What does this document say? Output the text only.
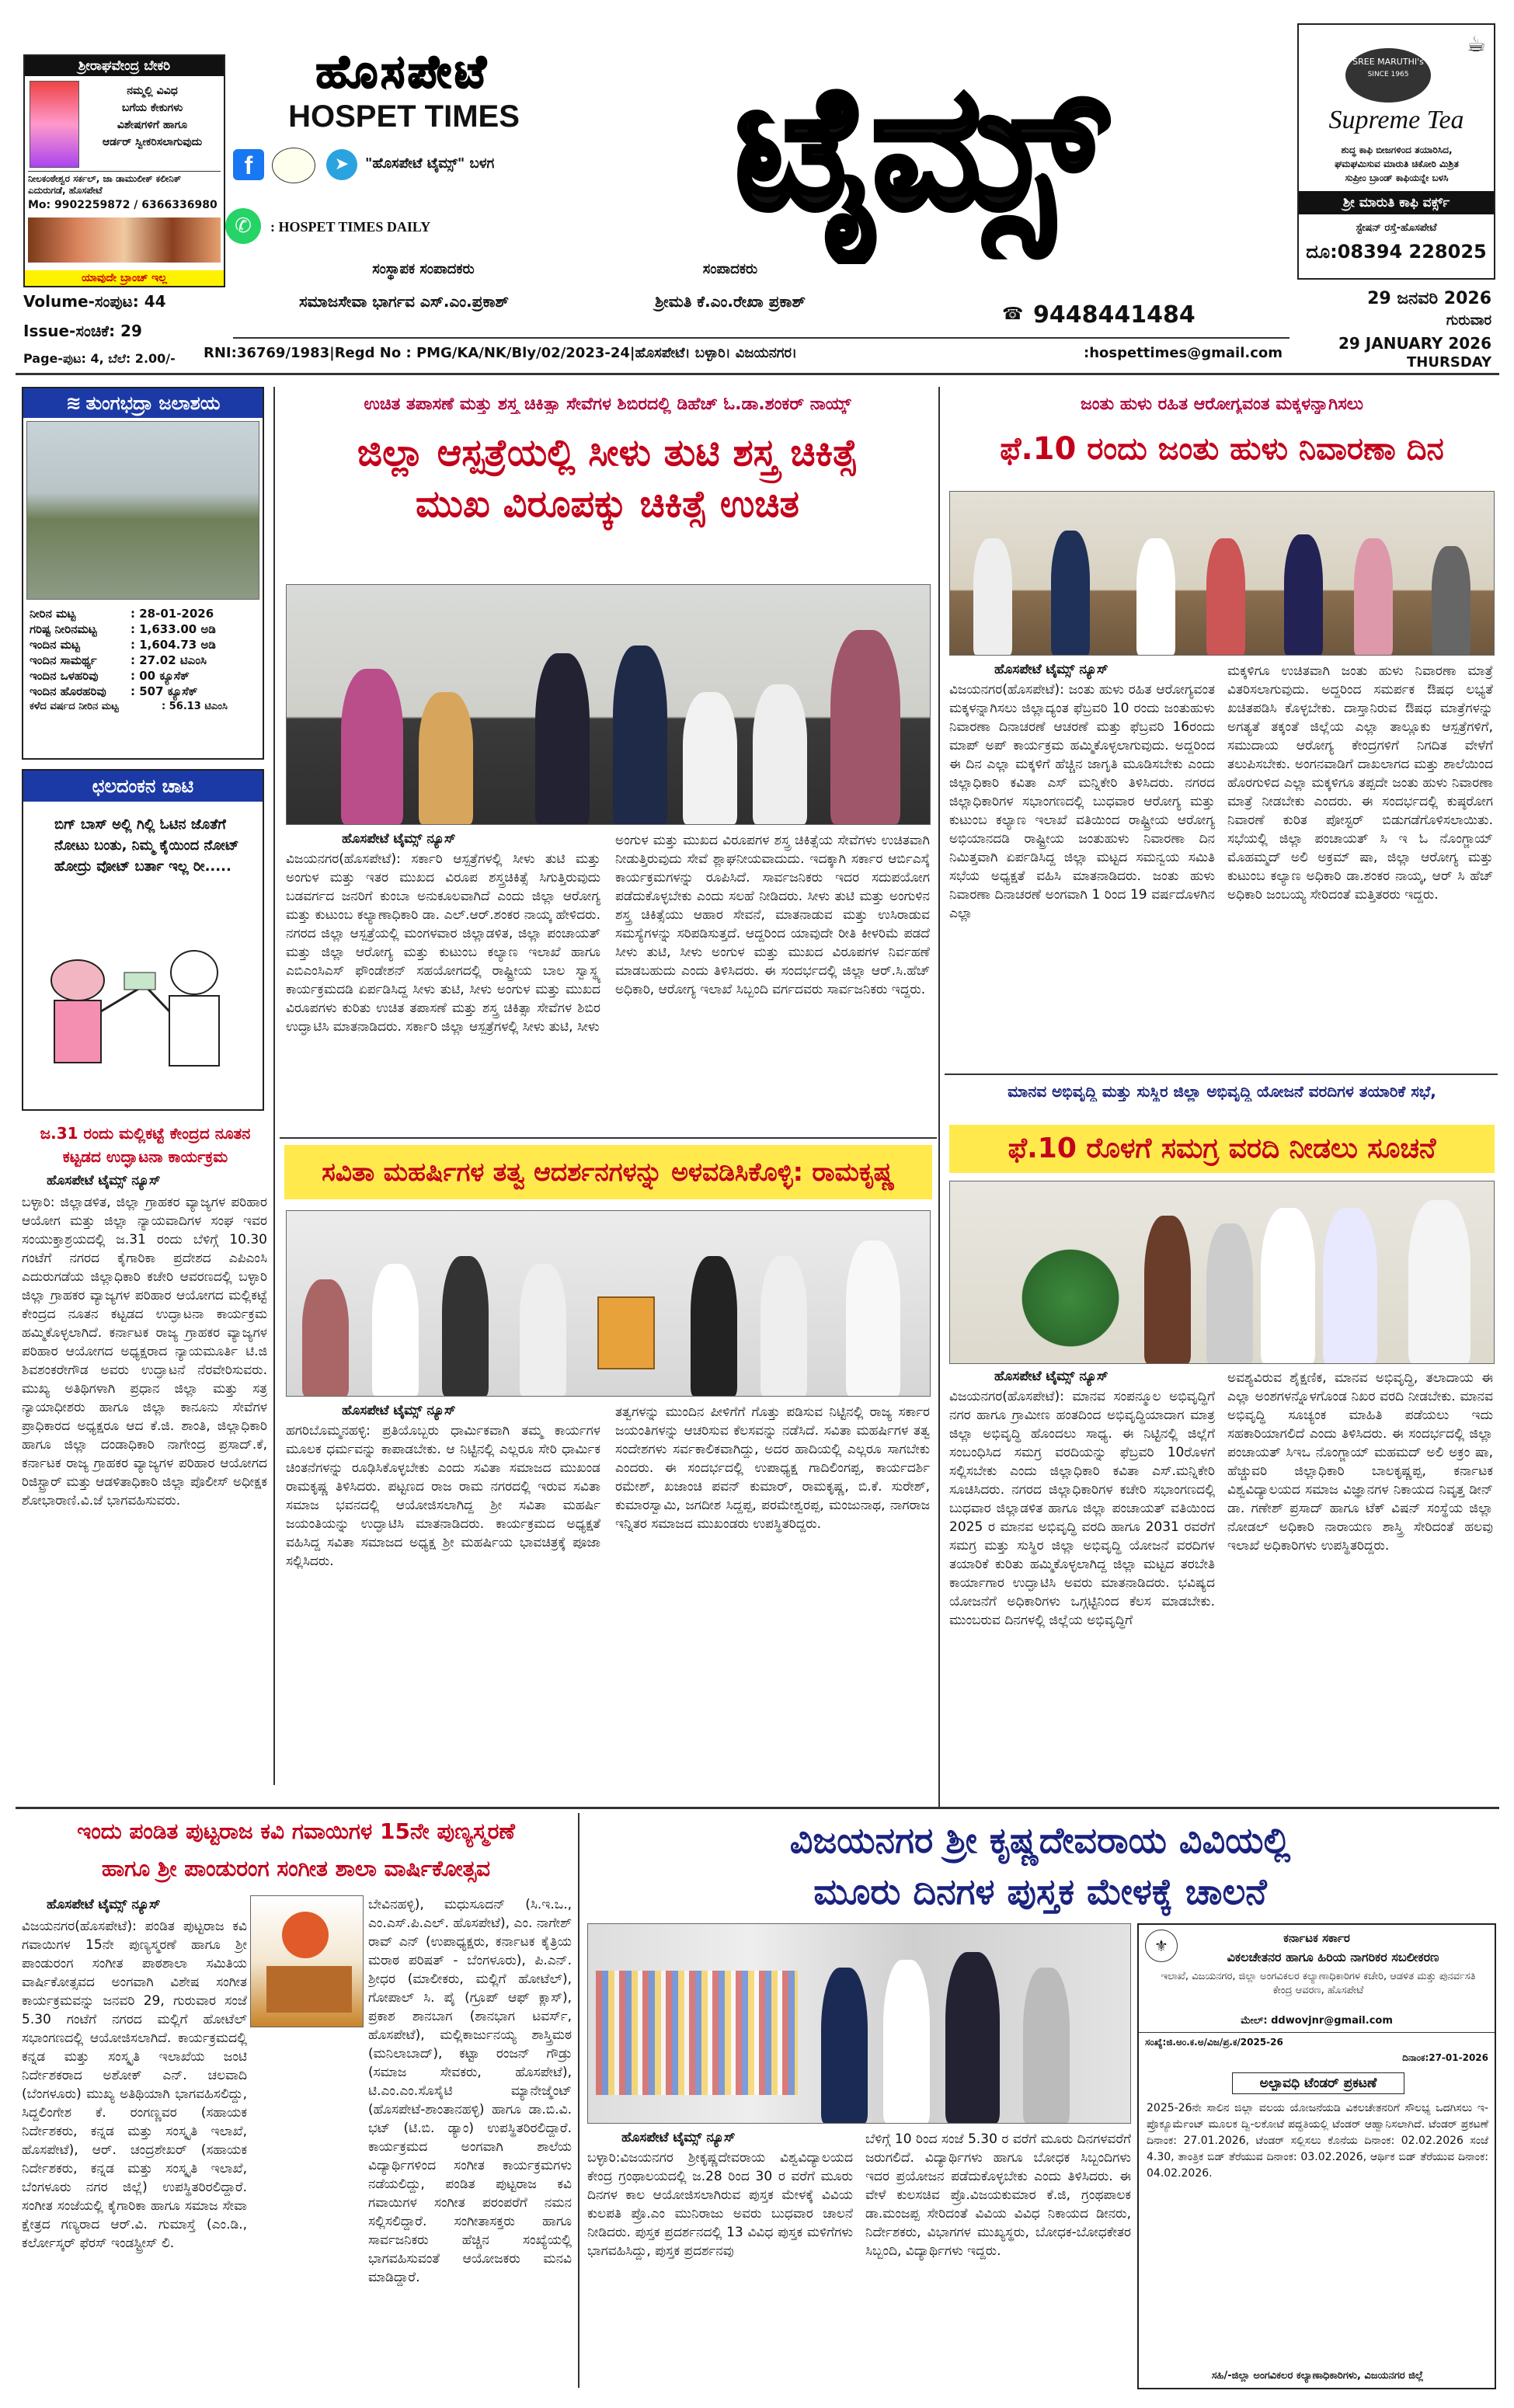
ಶ್ರೀರಾಘವೇಂದ್ರ ಬೇಕರಿ
ನಮ್ಮಲ್ಲಿ ವಿವಿಧ
ಬಗೆಯ ಕೇಕುಗಳು
ವಿಶೇಷಗಳಿಗೆ ಹಾಗೂ
ಆರ್ಡರ್ ಸ್ವೀಕರಿಸಲಾಗುವುದು
ನೀಲಕಂಠೇಶ್ವರ ಸರ್ಕಲ್, ಜಾ ಡಾಮುಲೀಕ್ ಕಲೀನಿಕ್ ಎದುರುಗಡೆ, ಹೊಸಪೇಟೆ
Mo: 9902259872 / 6366336980
ಯಾವುದೇ ಬ್ರಾಂಚ್ ಇಲ್ಲ
ಹೊಸಪೇಟೆ
HOSPET TIMES	ಟೈಮ್ಸ್
f	➤	"ಹೊಸಪೇಟೆ ಟೈಮ್ಸ್" ಬಳಗ
✆	: HOSPET TIMES DAILY
ಸಂಸ್ಥಾಪಕ ಸಂಪಾದಕರು	ಸಂಪಾದಕರು
Volume-ಸಂಪುಟ: 44
Issue-ಸಂಚಿಕೆ: 29
Page-ಪುಟ: 4, ಬೆಲೆ: 2.00/-
ಸಮಾಜಸೇವಾ ಭಾರ್ಗವ ಎಸ್.ಎಂ.ಪ್ರಕಾಶ್	ಶ್ರೀಮತಿ ಕೆ.ಎಂ.ರೇಖಾ ಪ್ರಕಾಶ್
☎ 9448441484
RNI:36769/1983|Regd No : PMG/KA/NK/Bly/02/2023-24|ಹೊಸಪೇಟೆ। ಬಳ್ಳಾರಿ। ವಿಜಯನಗರ।	:hospettimes@gmail.com
29 ಜನವರಿ 2026
ಗುರುವಾರ
29 JANUARY 2026
THURSDAY
☕
SREE MARUTHI's
SINCE 1965
Supreme Tea
ಶುದ್ಧ ಕಾಫಿ ಬೀಜಗಳಿಂದ ತಯಾರಿಸಿದ,
ಘಮಘಮಿಸುವ ಮಾರುತಿ ಚಿಕೋರಿ ಮಿಶ್ರಿತ
ಸುಪ್ರೀಂ ಬ್ರಾಂಡ್ ಕಾಫಿಯನ್ನೇ ಬಳಸಿ
ಶ್ರೀ ಮಾರುತಿ ಕಾಫಿ ವರ್ಕ್ಸ್
ಸ್ಟೇಷನ್ ರಸ್ತೆ-ಹೊಸಪೇಟೆ
ದೂ:08394 228025
≋ ತುಂಗಭದ್ರಾ ಜಲಾಶಯ
ನೀರಿನ ಮಟ್ಟ	: 28-01-2026
ಗರಿಷ್ಟ ನೀರಿನಮಟ್ಟ	: 1,633.00 ಅಡಿ
ಇಂದಿನ ಮಟ್ಟ	: 1,604.73 ಅಡಿ
ಇಂದಿನ ಸಾಮರ್ಥ್ಯ	: 27.02 ಟಿಎಂಸಿ
ಇಂದಿನ ಒಳಹರಿವು	: 00 ಕ್ಯೂಸೆಕ್
ಇಂದಿನ ಹೊರಹರಿವು	: 507 ಕ್ಯೂಸೆಕ್
ಕಳೆದ ವರ್ಷದ ನೀರಿನ ಮಟ್ಟ	: 56.13 ಟಿಎಂಸಿ
ಛಲದಂಕನ ಚಾಟಿ
ಬಿಗ್ ಬಾಸ್ ಅಲ್ಲಿ ಗಿಲ್ಲಿ ಓಟಿನ ಜೊತೆಗೆ ನೋಟು ಬಂತು, ನಿಮ್ಮ ಕೈಯಿಂದ ನೋಟ್ ಹೋದ್ರು ವೋಟ್ ಬರ್ತಾ ಇಲ್ಲ ರೀ.....
ಜ.31 ರಂದು ಮಲ್ಲಿಕಟ್ಟೆ ಕೇಂದ್ರದ ನೂತನ ಕಟ್ಟಡದ ಉದ್ಘಾಟನಾ ಕಾರ್ಯಕ್ರಮ
ಹೊಸಪೇಟೆ ಟೈಮ್ಸ್ ನ್ಯೂಸ್
ಬಳ್ಳಾರಿ: ಜಿಲ್ಲಾಡಳಿತ, ಜಿಲ್ಲಾ ಗ್ರಾಹಕರ ವ್ಯಾಜ್ಯಗಳ ಪರಿಹಾರ ಆಯೋಗ ಮತ್ತು ಜಿಲ್ಲಾ ನ್ಯಾಯವಾದಿಗಳ ಸಂಘ ಇವರ ಸಂಯುಕ್ತಾಶ್ರಯದಲ್ಲಿ ಜ.31 ರಂದು ಬೆಳಿಗ್ಗೆ 10.30 ಗಂಟೆಗೆ ನಗರದ ಕೈಗಾರಿಕಾ ಪ್ರದೇಶದ ಎಪಿಎಂಸಿ ಎದುರುಗಡೆಯ ಜಿಲ್ಲಾಧಿಕಾರಿ ಕಚೇರಿ ಆವರಣದಲ್ಲಿ ಬಳ್ಳಾರಿ ಜಿಲ್ಲಾ ಗ್ರಾಹಕರ ವ್ಯಾಜ್ಯಗಳ ಪರಿಹಾರ ಆಯೋಗದ ಮಲ್ಲಿಕಟ್ಟೆ ಕೇಂದ್ರದ ನೂತನ ಕಟ್ಟಡದ ಉದ್ಘಾಟನಾ ಕಾರ್ಯಕ್ರಮ ಹಮ್ಮಿಕೊಳ್ಳಲಾಗಿದೆ. ಕರ್ನಾಟಕ ರಾಜ್ಯ ಗ್ರಾಹಕರ ವ್ಯಾಜ್ಯಗಳ ಪರಿಹಾರ ಆಯೋಗದ ಅಧ್ಯಕ್ಷರಾದ ನ್ಯಾಯಮೂರ್ತಿ ಟಿ.ಜಿ ಶಿವಶಂಕರೇಗೌಡ ಅವರು ಉದ್ಘಾಟನೆ ನೆರವೇರಿಸುವರು. ಮುಖ್ಯ ಅತಿಥಿಗಳಾಗಿ ಪ್ರಧಾನ ಜಿಲ್ಲಾ ಮತ್ತು ಸತ್ರ ನ್ಯಾಯಾಧೀಶರು ಹಾಗೂ ಜಿಲ್ಲಾ ಕಾನೂನು ಸೇವೆಗಳ ಪ್ರಾಧಿಕಾರದ ಅಧ್ಯಕ್ಷರೂ ಆದ ಕೆ.ಜಿ. ಶಾಂತಿ, ಜಿಲ್ಲಾಧಿಕಾರಿ ಹಾಗೂ ಜಿಲ್ಲಾ ದಂಡಾಧಿಕಾರಿ ನಾಗೇಂದ್ರ ಪ್ರಸಾದ್.ಕೆ, ಕರ್ನಾಟಕ ರಾಜ್ಯ ಗ್ರಾಹಕರ ವ್ಯಾಜ್ಯಗಳ ಪರಿಹಾರ ಆಯೋಗದ ರಿಜಿಸ್ಟ್ರಾರ್ ಮತ್ತು ಆಡಳಿತಾಧಿಕಾರಿ ಜಿಲ್ಲಾ ಪೊಲೀಸ್ ಅಧೀಕ್ಷಕ ಶೋಭಾರಾಣಿ.ವಿ.ಜೆ ಭಾಗವಹಿಸುವರು.
ಉಚಿತ ತಪಾಸಣೆ ಮತ್ತು ಶಸ್ತ್ರ ಚಿಕಿತ್ಸಾ ಸೇವೆಗಳ ಶಿಬಿರದಲ್ಲಿ ಡಿಹೆಚ್ ಓ.ಡಾ.ಶಂಕರ್ ನಾಯ್ಕ್
ಜಿಲ್ಲಾ ಆಸ್ಪತ್ರೆಯಲ್ಲಿ ಸೀಳು ತುಟಿ ಶಸ್ತ್ರ ಚಿಕಿತ್ಸೆ
ಮುಖ ವಿರೂಪಕ್ಕು ಚಿಕಿತ್ಸೆ ಉಚಿತ
ಹೊಸಪೇಟೆ ಟೈಮ್ಸ್ ನ್ಯೂಸ್
ವಿಜಯನಗರ(ಹೊಸಪೇಟೆ): ಸರ್ಕಾರಿ ಆಸ್ಪತ್ರೆಗಳಲ್ಲಿ ಸೀಳು ತುಟಿ ಮತ್ತು ಅಂಗುಳ ಮತ್ತು ಇತರ ಮುಖದ ವಿರೂಪ ಶಸ್ತ್ರಚಿಕಿತ್ಸೆ ಸಿಗುತ್ತಿರುವುದು ಬಡವರ್ಗದ ಜನರಿಗೆ ಕುಂಬಾ ಅನುಕೂಲವಾಗಿದೆ ಎಂದು ಜಿಲ್ಲಾ ಆರೋಗ್ಯ ಮತ್ತು ಕುಟುಂಬ ಕಲ್ಯಾಣಾಧಿಕಾರಿ ಡಾ. ಎಲ್.ಆರ್.ಶಂಕರ ನಾಯ್ಕ ಹೇಳಿದರು. ನಗರದ ಜಿಲ್ಲಾ ಆಸ್ಪತ್ರೆಯಲ್ಲಿ ಮಂಗಳವಾರ ಜಿಲ್ಲಾಡಳಿತ, ಜಿಲ್ಲಾ ಪಂಚಾಯತ್ ಮತ್ತು ಜಿಲ್ಲಾ ಆರೋಗ್ಯ ಮತ್ತು ಕುಟುಂಬ ಕಲ್ಯಾಣ ಇಲಾಖೆ ಹಾಗೂ ಎಬಿಎಂಸಿಎಸ್ ಫೌಂಡೇಶನ್ ಸಹಯೋಗದಲ್ಲಿ ರಾಷ್ಟ್ರೀಯ ಬಾಲ ಸ್ವಾಸ್ಥ್ಯ ಕಾರ್ಯಕ್ರಮದಡಿ ಏರ್ಪಡಿಸಿದ್ದ ಸೀಳು ತುಟಿ, ಸೀಳು ಅಂಗುಳ ಮತ್ತು ಮುಖದ ವಿರೂಪಗಳು ಕುರಿತು ಉಚಿತ ತಪಾಸಣೆ ಮತ್ತು ಶಸ್ತ್ರ ಚಿಕಿತ್ಸಾ ಸೇವೆಗಳ ಶಿಬಿರ ಉದ್ಘಾಟಿಸಿ ಮಾತನಾಡಿದರು. ಸರ್ಕಾರಿ ಜಿಲ್ಲಾ ಆಸ್ಪತ್ರೆಗಳಲ್ಲಿ ಸೀಳು ತುಟಿ, ಸೀಳು
ಅಂಗುಳ ಮತ್ತು ಮುಖದ ವಿರೂಪಗಳ ಶಸ್ತ್ರ ಚಿಕಿತ್ಸೆಯ ಸೇವೆಗಳು ಉಚಿತವಾಗಿ ನೀಡುತ್ತಿರುವುದು ಸೇವೆ ಶ್ಲಾಘನೀಯವಾದುದು. ಇದಕ್ಕಾಗಿ ಸರ್ಕಾರ ಆರ್ಬಿಎಸ್ಕೆ ಕಾರ್ಯಕ್ರಮಗಳನ್ನು ರೂಪಿಸಿದೆ. ಸಾರ್ವಜನಿಕರು ಇದರ ಸದುಪಯೋಗ ಪಡೆದುಕೊಳ್ಳಬೇಕು ಎಂದು ಸಲಹೆ ನೀಡಿದರು. ಸೀಳು ತುಟಿ ಮತ್ತು ಅಂಗುಳಿನ ಶಸ್ತ್ರ ಚಿಕಿತ್ಸೆಯು ಆಹಾರ ಸೇವನೆ, ಮಾತನಾಡುವ ಮತ್ತು ಉಸಿರಾಡುವ ಸಮಸ್ಯೆಗಳನ್ನು ಸರಿಪಡಿಸುತ್ತದೆ. ಆದ್ದರಿಂದ ಯಾವುದೇ ರೀತಿ ಕೀಳರಿಮೆ ಪಡದೆ ಸೀಳು ತುಟಿ, ಸೀಳು ಅಂಗುಳ ಮತ್ತು ಮುಖದ ವಿರೂಪಗಳ ನಿರ್ವಹಣೆ ಮಾಡಬಹುದು ಎಂದು ತಿಳಿಸಿದರು. ಈ ಸಂದರ್ಭದಲ್ಲಿ ಜಿಲ್ಲಾ ಆರ್.ಸಿ.ಹೆಚ್ ಅಧಿಕಾರಿ, ಆರೋಗ್ಯ ಇಲಾಖೆ ಸಿಬ್ಬಂದಿ ವರ್ಗದವರು ಸಾರ್ವಜನಿಕರು ಇದ್ದರು.
ಜಂತು ಹುಳು ರಹಿತ ಆರೋಗ್ಯವಂತ ಮಕ್ಕಳನ್ನಾಗಿಸಲು
ಫೆ.10 ರಂದು ಜಂತು ಹುಳು ನಿವಾರಣಾ ದಿನ
ಹೊಸಪೇಟೆ ಟೈಮ್ಸ್ ನ್ಯೂಸ್
ವಿಜಯನಗರ(ಹೊಸಪೇಟೆ): ಜಂತು ಹುಳು ರಹಿತ ಆರೋಗ್ಯವಂತ ಮಕ್ಕಳನ್ನಾಗಿಸಲು ಜಿಲ್ಲಾದ್ಯಂತ ಫೆಬ್ರವರಿ 10 ರಂದು ಜಂತುಹುಳು ನಿವಾರಣಾ ದಿನಾಚರಣೆ ಆಚರಣೆ ಮತ್ತು ಫೆಬ್ರವರಿ 16ರಂದು ಮಾಪ್ ಅಪ್ ಕಾರ್ಯಕ್ರಮ ಹಮ್ಮಿಕೊಳ್ಳಲಾಗುವುದು. ಅದ್ದರಿಂದ ಈ ದಿನ ಎಲ್ಲಾ ಮಕ್ಕಳಿಗೆ ಹೆಚ್ಚಿನ ಜಾಗೃತಿ ಮೂಡಿಸಬೇಕು ಎಂದು ಜಿಲ್ಲಾಧಿಕಾರಿ ಕವಿತಾ ಎಸ್ ಮನ್ನಿಕೇರಿ ತಿಳಿಸಿದರು. ನಗರದ ಜಿಲ್ಲಾಧಿಕಾರಿಗಳ ಸಭಾಂಗಣದಲ್ಲಿ ಬುಧವಾರ ಆರೋಗ್ಯ ಮತ್ತು ಕುಟುಂಬ ಕಲ್ಯಾಣ ಇಲಾಖೆ ವತಿಯಿಂದ ರಾಷ್ಟ್ರೀಯ ಆರೋಗ್ಯ ಅಭಿಯಾನದಡಿ ರಾಷ್ಟ್ರೀಯ ಜಂತುಹುಳು ನಿವಾರಣಾ ದಿನ ನಿಮಿತ್ತವಾಗಿ ಏರ್ಪಡಿಸಿದ್ದ ಜಿಲ್ಲಾ ಮಟ್ಟದ ಸಮನ್ವಯ ಸಮಿತಿ ಸಭೆಯ ಅಧ್ಯಕ್ಷತೆ ವಹಿಸಿ ಮಾತನಾಡಿದರು. ಜಂತು ಹುಳು ನಿವಾರಣಾ ದಿನಾಚರಣೆ ಅಂಗವಾಗಿ 1 ರಿಂದ 19 ವರ್ಷದೊಳಗಿನ ಎಲ್ಲಾ
ಮಕ್ಕಳಿಗೂ ಉಚಿತವಾಗಿ ಜಂತು ಹುಳು ನಿವಾರಣಾ ಮಾತ್ರೆ ವಿತರಿಸಲಾಗುವುದು. ಅದ್ದರಿಂದ ಸಮರ್ಪಕ ಔಷಧ ಲಭ್ಯತೆ ಖಚಿತಪಡಿಸಿ ಕೊಳ್ಳಬೇಕು. ದಾಸ್ತಾನಿರುವ ಔಷಧ ಮಾತ್ರೆಗಳನ್ನು ಅಗತ್ಯತೆ ತಕ್ಕಂತೆ ಜಿಲ್ಲೆಯ ಎಲ್ಲಾ ತಾಲ್ಲೂಕು ಆಸ್ಪತ್ರೆಗಳಿಗೆ, ಸಮುದಾಯ ಆರೋಗ್ಯ ಕೇಂದ್ರಗಳಿಗೆ ನಿಗದಿತ ವೇಳೆಗೆ ತಲುಪಿಸಬೇಕು. ಅಂಗನವಾಡಿಗೆ ದಾಖಲಾಗದ ಮತ್ತು ಶಾಲೆಯಿಂದ ಹೊರಗುಳಿದ ಎಲ್ಲಾ ಮಕ್ಕಳಿಗೂ ತಪ್ಪದೇ ಜಂತು ಹುಳು ನಿವಾರಣಾ ಮಾತ್ರೆ ನೀಡಬೇಕು ಎಂದರು. ಈ ಸಂದರ್ಭದಲ್ಲಿ ಕುಷ್ಠರೋಗ ನಿವಾರಣೆ ಕುರಿತ ಪೋಸ್ಟರ್ ಬಿಡುಗಡೆಗೊಳಿಸಲಾಯಿತು. ಸಭೆಯಲ್ಲಿ ಜಿಲ್ಲಾ ಪಂಚಾಯತ್ ಸಿ ಇ ಓ ನೊಂಗ್ಜಾಯ್ ಮೊಹಮ್ಮದ್ ಅಲಿ ಅಕ್ರಮ್ ಷಾ, ಜಿಲ್ಲಾ ಆರೋಗ್ಯ ಮತ್ತು ಕುಟುಂಬ ಕಲ್ಯಾಣ ಅಧಿಕಾರಿ ಡಾ.ಶಂಕರ ನಾಯ್ಕ, ಆರ್ ಸಿ ಹೆಚ್ ಅಧಿಕಾರಿ ಜಂಬಯ್ಯ ಸೇರಿದಂತೆ ಮತ್ತಿತರರು ಇದ್ದರು.
ಮಾನವ ಅಭಿವೃದ್ಧಿ ಮತ್ತು ಸುಸ್ಥಿರ ಜಿಲ್ಲಾ ಅಭಿವೃದ್ಧಿ ಯೋಜನೆ ವರದಿಗಳ ತಯಾರಿಕೆ ಸಭೆ,
ಫೆ.10 ರೊಳಗೆ ಸಮಗ್ರ ವರದಿ ನೀಡಲು ಸೂಚನೆ
ಹೊಸಪೇಟೆ ಟೈಮ್ಸ್ ನ್ಯೂಸ್
ವಿಜಯನಗರ(ಹೊಸಪೇಟೆ): ಮಾನವ ಸಂಪನ್ಮೂಲ ಅಭಿವೃದ್ಧಿಗೆ ನಗರ ಹಾಗೂ ಗ್ರಾಮೀಣ ಹಂತದಿಂದ ಅಭಿವೃದ್ಧಿಯಾದಾಗ ಮಾತ್ರ ಜಿಲ್ಲಾ ಅಭಿವೃದ್ಧಿ ಹೊಂದಲು ಸಾಧ್ಯ. ಈ ನಿಟ್ಟಿನಲ್ಲಿ ಜಿಲ್ಲೆಗೆ ಸಂಬಂಧಿಸಿದ ಸಮಗ್ರ ವರದಿಯನ್ನು ಫೆಬ್ರವರಿ 10ರೊಳಗೆ ಸಲ್ಲಿಸಬೇಕು ಎಂದು ಜಿಲ್ಲಾಧಿಕಾರಿ ಕವಿತಾ ಎಸ್.ಮನ್ನಿಕೇರಿ ಸೂಚಿಸಿದರು. ನಗರದ ಜಿಲ್ಲಾಧಿಕಾರಿಗಳ ಕಚೇರಿ ಸಭಾಂಗಣದಲ್ಲಿ ಬುಧವಾರ ಜಿಲ್ಲಾಡಳಿತ ಹಾಗೂ ಜಿಲ್ಲಾ ಪಂಚಾಯತ್ ವತಿಯಿಂದ 2025 ರ ಮಾನವ ಅಭಿವೃದ್ಧಿ ವರದಿ ಹಾಗೂ 2031 ರವರೆಗೆ ಸಮಗ್ರ ಮತ್ತು ಸುಸ್ಥಿರ ಜಿಲ್ಲಾ ಅಭಿವೃದ್ಧಿ ಯೋಜನೆ ವರದಿಗಳ ತಯಾರಿಕೆ ಕುರಿತು ಹಮ್ಮಿಕೊಳ್ಳಲಾಗಿದ್ದ ಜಿಲ್ಲಾ ಮಟ್ಟದ ತರಬೇತಿ ಕಾರ್ಯಾಗಾರ ಉದ್ಘಾಟಿಸಿ ಅವರು ಮಾತನಾಡಿದರು. ಭವಿಷ್ಯದ ಯೋಜನೆಗೆ ಅಧಿಕಾರಿಗಳು ಒಗ್ಗಟ್ಟಿನಿಂದ ಕೆಲಸ ಮಾಡಬೇಕು. ಮುಂಬರುವ ದಿನಗಳಲ್ಲಿ ಜಿಲ್ಲೆಯ ಅಭಿವೃದ್ಧಿಗೆ
ಅವಶ್ಯವಿರುವ ಶೈಕ್ಷಣಿಕ, ಮಾನವ ಅಭಿವೃದ್ಧಿ, ತಲಾದಾಯ ಈ ಎಲ್ಲಾ ಅಂಶಗಳನ್ನೊಳಗೊಂಡ ನಿಖರ ವರದಿ ನೀಡಬೇಕು. ಮಾನವ ಅಭಿವೃದ್ಧಿ ಸೂಚ್ಯಂಕ ಮಾಹಿತಿ ಪಡೆಯಲು ಇದು ಸಹಕಾರಿಯಾಗಲಿದೆ ಎಂದು ತಿಳಿಸಿದರು. ಈ ಸಂದರ್ಭದಲ್ಲಿ ಜಿಲ್ಲಾ ಪಂಚಾಯತ್ ಸಿಇಒ ನೊಂಗ್ಜಾಯ್ ಮಹಮದ್ ಅಲಿ ಅಕ್ರಂ ಷಾ, ಹೆಚ್ಚುವರಿ ಜಿಲ್ಲಾಧಿಕಾರಿ ಬಾಲಕೃಷ್ಣಪ್ಪ, ಕರ್ನಾಟಕ ವಿಶ್ವವಿದ್ಯಾಲಯದ ಸಮಾಜ ವಿಜ್ಞಾನಗಳ ನಿಕಾಯದ ನಿವೃತ್ತ ಡೀನ್ ಡಾ. ಗಣೇಶ್ ಪ್ರಸಾದ್ ಹಾಗೂ ಟೆಕ್ ವಿಷನ್ ಸಂಸ್ಥೆಯ ಜಿಲ್ಲಾ ನೋಡಲ್ ಅಧಿಕಾರಿ ನಾರಾಯಣ ಶಾಸ್ತ್ರಿ ಸೇರಿದಂತೆ ಹಲವು ಇಲಾಖೆ ಅಧಿಕಾರಿಗಳು ಉಪಸ್ಥಿತರಿದ್ದರು.
ಸವಿತಾ ಮಹರ್ಷಿಗಳ ತತ್ವ ಆದರ್ಶನಗಳನ್ನು ಅಳವಡಿಸಿಕೊಳ್ಳಿ: ರಾಮಕೃಷ್ಣ
ಹೊಸಪೇಟೆ ಟೈಮ್ಸ್ ನ್ಯೂಸ್
ಹಗರಿಬೊಮ್ಮನಹಳ್ಳಿ: ಪ್ರತಿಯೊಬ್ಬರು ಧಾರ್ಮಿಕವಾಗಿ ತಮ್ಮ ಕಾರ್ಯಗಳ ಮೂಲಕ ಧರ್ಮವನ್ನು ಕಾಪಾಡಬೇಕು. ಆ ನಿಟ್ಟಿನಲ್ಲಿ ಎಲ್ಲರೂ ಸೇರಿ ಧಾರ್ಮಿಕ ಚಿಂತನೆಗಳನ್ನು ರೂಢಿಸಿಕೊಳ್ಳಬೇಕು ಎಂದು ಸವಿತಾ ಸಮಾಜದ ಮುಖಂಡ ರಾಮಕೃಷ್ಣ ತಿಳಿಸಿದರು. ಪಟ್ಟಣದ ರಾಜ ರಾಮ ನಗರದಲ್ಲಿ ಇರುವ ಸವಿತಾ ಸಮಾಜ ಭವನದಲ್ಲಿ ಆಯೋಜಿಸಲಾಗಿದ್ದ ಶ್ರೀ ಸವಿತಾ ಮಹರ್ಷಿ ಜಯಂತಿಯನ್ನು ಉದ್ಘಾಟಿಸಿ ಮಾತನಾಡಿದರು. ಕಾರ್ಯಕ್ರಮದ ಅಧ್ಯಕ್ಷತೆ ವಹಿಸಿದ್ದ ಸವಿತಾ ಸಮಾಜದ ಅಧ್ಯಕ್ಷ ಶ್ರೀ ಮಹರ್ಷಿಯ ಭಾವಚಿತ್ರಕ್ಕೆ ಪೂಜಾ ಸಲ್ಲಿಸಿದರು.
ತತ್ವಗಳನ್ನು ಮುಂದಿನ ಪೀಳಿಗೆಗೆ ಗೊತ್ತು ಪಡಿಸುವ ನಿಟ್ಟಿನಲ್ಲಿ ರಾಜ್ಯ ಸರ್ಕಾರ ಜಯಂತಿಗಳನ್ನು ಆಚರಿಸುವ ಕೆಲಸವನ್ನು ನಡೆಸಿದೆ. ಸವಿತಾ ಮಹರ್ಷಿಗಳ ತತ್ವ ಸಂದೇಶಗಳು ಸರ್ವಕಾಲಿಕವಾಗಿದ್ದು, ಅದರ ಹಾದಿಯಲ್ಲಿ ಎಲ್ಲರೂ ಸಾಗಬೇಕು ಎಂದರು. ಈ ಸಂದರ್ಭದಲ್ಲಿ ಉಪಾಧ್ಯಕ್ಷ ಗಾದಿಲಿಂಗಪ್ಪ, ಕಾರ್ಯದರ್ಶಿ ರಮೇಶ್, ಖಜಾಂಚಿ ಪವನ್ ಕುಮಾರ್, ರಾಮಕೃಷ್ಣ, ಬಿ.ಕೆ. ಸುರೇಶ್, ಕುಮಾರಸ್ವಾಮಿ, ಜಗದೀಶ ಸಿದ್ದಪ್ಪ, ಪರಮೇಶ್ವರಪ್ಪ, ಮಂಜುನಾಥ, ನಾಗರಾಜ ಇನ್ನಿತರ ಸಮಾಜದ ಮುಖಂಡರು ಉಪಸ್ಥಿತರಿದ್ದರು.
ಇಂದು ಪಂಡಿತ ಪುಟ್ಟರಾಜ ಕವಿ ಗವಾಯಿಗಳ 15ನೇ ಪುಣ್ಯಸ್ಮರಣೆ
ಹಾಗೂ ಶ್ರೀ ಪಾಂಡುರಂಗ ಸಂಗೀತ ಶಾಲಾ ವಾರ್ಷಿಕೋತ್ಸವ
ಹೊಸಪೇಟೆ ಟೈಮ್ಸ್ ನ್ಯೂಸ್
ವಿಜಯನಗರ(ಹೊಸಪೇಟೆ): ಪಂಡಿತ ಪುಟ್ಟರಾಜ ಕವಿ ಗವಾಯಿಗಳ 15ನೇ ಪುಣ್ಯಸ್ಮರಣೆ ಹಾಗೂ ಶ್ರೀ ಪಾಂಡುರಂಗ ಸಂಗೀತ ಪಾಠಶಾಲಾ ಸಮಿತಿಯ ವಾರ್ಷಿಕೋತ್ಸವದ ಅಂಗವಾಗಿ ವಿಶೇಷ ಸಂಗೀತ ಕಾರ್ಯಕ್ರಮವನ್ನು ಜನವರಿ 29, ಗುರುವಾರ ಸಂಜೆ 5.30 ಗಂಟೆಗೆ ನಗರದ ಮಲ್ಲಿಗೆ ಹೋಟೆಲ್ ಸಭಾಂಗಣದಲ್ಲಿ ಆಯೋಜಿಸಲಾಗಿದೆ. ಕಾರ್ಯಕ್ರಮದಲ್ಲಿ ಕನ್ನಡ ಮತ್ತು ಸಂಸ್ಕೃತಿ ಇಲಾಖೆಯ ಜಂಟಿ ನಿರ್ದೇಶಕರಾದ ಅಶೋಕ್ ಎನ್. ಚಲವಾದಿ (ಬೆಂಗಳೂರು) ಮುಖ್ಯ ಅತಿಥಿಯಾಗಿ ಭಾಗವಹಿಸಲಿದ್ದು, ಸಿದ್ದಲಿಂಗೇಶ ಕೆ. ರಂಗಣ್ಣವರ (ಸಹಾಯಕ ನಿರ್ದೇಶಕರು, ಕನ್ನಡ ಮತ್ತು ಸಂಸ್ಕೃತಿ ಇಲಾಖೆ, ಹೊಸಪೇಟೆ), ಆರ್. ಚಂದ್ರಶೇಖರ್ (ಸಹಾಯಕ ನಿರ್ದೇಶಕರು, ಕನ್ನಡ ಮತ್ತು ಸಂಸ್ಕೃತಿ ಇಲಾಖೆ, ಬೆಂಗಳೂರು ನಗರ ಜಿಲ್ಲೆ) ಉಪಸ್ಥಿತರಿರಲಿದ್ದಾರೆ. ಸಂಗೀತ ಸಂಜೆಯಲ್ಲಿ ಕೈಗಾರಿಕಾ ಹಾಗೂ ಸಮಾಜ ಸೇವಾ ಕ್ಷೇತ್ರದ ಗಣ್ಯರಾದ ಆರ್.ವಿ. ಗುಮಾಸ್ತೆ (ಎಂ.ಡಿ., ಕರ್ಲೋಸ್ಕರ್ ಫೆರಸ್ ಇಂಡಸ್ಟ್ರೀಸ್ ಲಿ.
ಬೇವಿನಹಳ್ಳಿ), ಮಧುಸೂದನ್ (ಸಿ.ಇ.ಒ., ಎಂ.ಎಸ್.ಪಿ.ಎಲ್. ಹೊಸಪೇಟೆ), ಎಂ. ನಾಗೇಶ್ ರಾವ್ ಎನ್ (ಉಪಾಧ್ಯಕ್ಷರು, ಕರ್ನಾಟಕ ಕೈತ್ರಿಯ ಮರಾಠ ಪರಿಷತ್ - ಬೆಂಗಳೂರು), ಪಿ.ಎನ್. ಶ್ರೀಧರ (ಮಾಲೀಕರು, ಮಲ್ಲಿಗೆ ಹೋಟೆಲ್), ಗೋಪಾಲ್ ಸಿ. ಪೈ (ಗ್ರೂಪ್ ಆಫ್ ಕ್ಲಾಸ್), ಪ್ರಕಾಶ ಶಾನಬಾಗ (ಶಾನಭಾಗ ಟವರ್ಸ್, ಹೊಸಪೇಟೆ), ಮಲ್ಲಿಕಾರ್ಜುನಯ್ಯ ಶಾಸ್ತ್ರಿಮಠ (ಮನಿಲಾಬಾದ್), ಕಟ್ಟಾ ರಂಜನ್ ಗೌಡ್ರು (ಸಮಾಜ ಸೇವಕರು, ಹೊಸಪೇಟೆ), ಟಿ.ಎಂ.ಎಂ.ಸೊಸೈಟಿ ಮ್ಯಾನೇಜ್ಮೆಂಟ್ (ಹೊಸಪೇಟೆ-ಶಾಂತಾನಹಳ್ಳಿ) ಹಾಗೂ ಡಾ.ಬಿ.ವಿ. ಭಟ್ (ಟಿ.ಬಿ. ಡ್ಯಾಂ) ಉಪಸ್ಥಿತರಿರಲಿದ್ದಾರೆ. ಕಾರ್ಯಕ್ರಮದ ಅಂಗವಾಗಿ ಶಾಲೆಯ ವಿದ್ಯಾರ್ಥಿಗಳಿಂದ ಸಂಗೀತ ಕಾರ್ಯಕ್ರಮಗಳು ನಡೆಯಲಿದ್ದು, ಪಂಡಿತ ಪುಟ್ಟರಾಜ ಕವಿ ಗವಾಯಿಗಳ ಸಂಗೀತ ಪರಂಪರೆಗೆ ನಮನ ಸಲ್ಲಿಸಲಿದ್ದಾರೆ. ಸಂಗೀತಾಸಕ್ತರು ಹಾಗೂ ಸಾರ್ವಜನಿಕರು ಹೆಚ್ಚಿನ ಸಂಖ್ಯೆಯಲ್ಲಿ ಭಾಗವಹಿಸುವಂತೆ ಆಯೋಜಕರು ಮನವಿ ಮಾಡಿದ್ದಾರೆ.
ವಿಜಯನಗರ ಶ್ರೀ ಕೃಷ್ಣದೇವರಾಯ ವಿವಿಯಲ್ಲಿ
ಮೂರು ದಿನಗಳ ಪುಸ್ತಕ ಮೇಳಕ್ಕೆ ಚಾಲನೆ
ಹೊಸಪೇಟೆ ಟೈಮ್ಸ್ ನ್ಯೂಸ್
ಬಳ್ಳಾರಿ:ವಿಜಯನಗರ ಶ್ರೀಕೃಷ್ಣದೇವರಾಯ ವಿಶ್ವವಿದ್ಯಾಲಯದ ಕೇಂದ್ರ ಗ್ರಂಥಾಲಯದಲ್ಲಿ ಜ.28 ರಿಂದ 30 ರ ವರೆಗೆ ಮೂರು ದಿನಗಳ ಕಾಲ ಆಯೋಜಿಸಲಾಗಿರುವ ಪುಸ್ತಕ ಮೇಳಕ್ಕೆ ವಿವಿಯ ಕುಲಪತಿ ಪ್ರೊ.ಎಂ ಮುನಿರಾಜು ಅವರು ಬುಧವಾರ ಚಾಲನೆ ನೀಡಿದರು. ಪುಸ್ತಕ ಪ್ರದರ್ಶನದಲ್ಲಿ 13 ವಿವಿಧ ಪುಸ್ತಕ ಮಳಿಗೆಗಳು ಭಾಗವಹಿಸಿದ್ದು, ಪುಸ್ತಕ ಪ್ರದರ್ಶನವು
ಬೆಳಿಗ್ಗೆ 10 ರಿಂದ ಸಂಜೆ 5.30 ರ ವರೆಗೆ ಮೂರು ದಿನಗಳವರೆಗೆ ಜರುಗಲಿದೆ. ವಿದ್ಯಾರ್ಥಿಗಳು ಹಾಗೂ ಬೋಧಕ ಸಿಬ್ಬಂದಿಗಳು ಇದರ ಪ್ರಯೋಜನ ಪಡೆದುಕೊಳ್ಳಬೇಕು ಎಂದು ತಿಳಿಸಿದರು. ಈ ವೇಳೆ ಕುಲಸಚಿವ ಪ್ರೊ.ವಿಜಯಕುಮಾರ ಕೆ.ಜಿ, ಗ್ರಂಥಪಾಲಕ ಡಾ.ಮಂಜಪ್ಪ ಸೇರಿದಂತೆ ವಿವಿಯ ವಿವಿಧ ನಿಕಾಯದ ಡೀನರು, ನಿರ್ದೇಶಕರು, ವಿಭಾಗಗಳ ಮುಖ್ಯಸ್ಥರು, ಬೋಧಕ-ಬೋಧಕೇತರ ಸಿಬ್ಬಂದಿ, ವಿದ್ಯಾರ್ಥಿಗಳು ಇದ್ದರು.
⚜	ಕರ್ನಾಟಕ ಸರ್ಕಾರ
ವಿಕಲಚೇತನರ ಹಾಗೂ ಹಿರಿಯ ನಾಗರಿಕರ ಸಬಲೀಕರಣ
ಇಲಾಖೆ, ವಿಜಯನಗರ, ಜಿಲ್ಲಾ ಅಂಗವಿಕಲರ ಕಲ್ಯಾಣಾಧಿಕಾರಿಗಳ ಕಚೇರಿ, ಆಡಳಿತ ಮತ್ತು ಪುನರ್ವಸತಿ ಕೇಂದ್ರ ಆವರಣ, ಹೊಸಪೇಟೆ
ಮೇಲ್: ddwovjnr@gmail.com
ಸಂಖ್ಯೆ:ಜಿ.ಅಂ.ಕ.ಅ/ವಿಜ/ಪ್ರ.ಕ/2025-26
ದಿನಾಂಕ:27-01-2026
ಅಲ್ಪಾವಧಿ ಟೆಂಡರ್ ಪ್ರಕಟಣೆ
2025-26ನೇ ಸಾಲಿನ ಜಿಲ್ಲಾ ವಲಯ ಯೋಜನೆಯಡಿ ವಿಕಲಚೇತನರಿಗೆ ಸೌಲಭ್ಯ ಒದಗಿಸಲು ಇ-ಪ್ರೊಕ್ಯೂರ್ಮೆಂಟ್ ಮೂಲಕ ದ್ವಿ-ಲಕೋಟೆ ಪದ್ಧತಿಯಲ್ಲಿ ಟೆಂಡರ್ ಆಹ್ವಾನಿಸಲಾಗಿದೆ. ಟೆಂಡರ್ ಪ್ರಕಟಣೆ ದಿನಾಂಕ: 27.01.2026, ಟೆಂಡರ್ ಸಲ್ಲಿಸಲು ಕೊನೆಯ ದಿನಾಂಕ: 02.02.2026 ಸಂಜೆ 4.30, ತಾಂತ್ರಿಕ ಬಿಡ್ ತೆರೆಯುವ ದಿನಾಂಕ: 03.02.2026, ಆರ್ಥಿಕ ಬಿಡ್ ತೆರೆಯುವ ದಿನಾಂಕ: 04.02.2026.
ಸಹಿ/-ಜಿಲ್ಲಾ ಅಂಗವಿಕಲರ ಕಲ್ಯಾಣಾಧಿಕಾರಿಗಳು, ವಿಜಯನಗರ ಜಿಲ್ಲೆ
